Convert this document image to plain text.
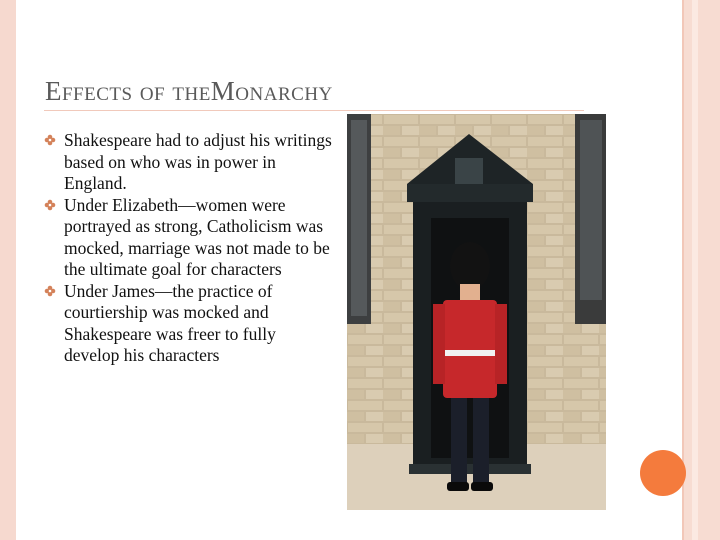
Effects of theMonarchy
Shakespeare had to adjust his writings based on who was in power in England.
Under Elizabeth—women were portrayed as strong, Catholicism was mocked, marriage was not made to be the ultimate goal for characters
Under James—the practice of courtiership was mocked and Shakespeare was freer to fully develop his characters
